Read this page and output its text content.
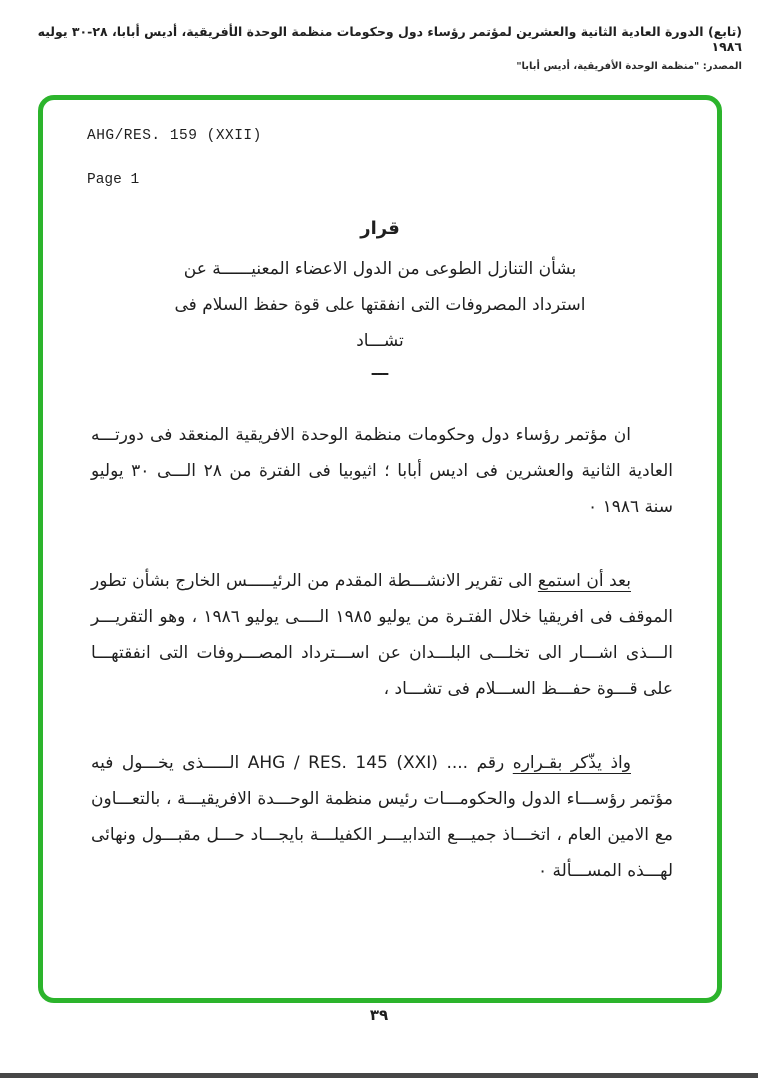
(تابع) الدورة العادية الثانية والعشرين لمؤتمر رؤساء دول وحكومات منظمة الوحدة الأفريقية، أديس أبابا، ٢٨-٣٠ يوليه ١٩٨٦
المصدر: "منظمة الوحدة الأفريقية، أديس أبابا"
AHG/RES. 159 (XXII)
Page 1
قرار
بشأن التنازل الطوعى من الدول الاعضاء المعنيــــــة عن
استرداد المصروفات التى انفقتها على قوة حفظ السلام فى
تشـــاد
ـــ

ان مؤتمر رؤساء دول وحكومات منظمة الوحدة الافريقية المنعقد فى دورتـــه العادية الثانية والعشرين فى اديس أبابا ؛ اثيوبيا فى الفترة من ٢٨ الـــى ٣٠ يوليو سنة ١٩٨٦ ٠

بعد أن استمع الى تقرير الانشـــطة المقدم من الرئيـــــس الخارج بشأن تطور الموقف فى افريقيا خلال الفتـرة من يوليو ١٩٨٥ الــــى يوليو ١٩٨٦ ، وهو التقريـــر الـــذى اشـــار الى تخلـــى البلـــدان عن اســـترداد المصـــروفات التى انفقتهـــا على قـــوة حفـــظ الســـلام فى تشـــاد ،

واذ يذّكر بقـراره رقم .... AHG / RES. 145 (XXI) الـــــذى يخـــول فيه مؤتمر رؤســـاء الدول والحكومـــات رئيس منظمة الوحـــدة الافريقيـــة ، بالتعـــاون مع الامين العام ، اتخـــاذ جميـــع التدابيـــر الكفيلـــة بايجـــاد حـــل مقبـــول ونهائى لهـــذه المســـألة ٠

٣٩
